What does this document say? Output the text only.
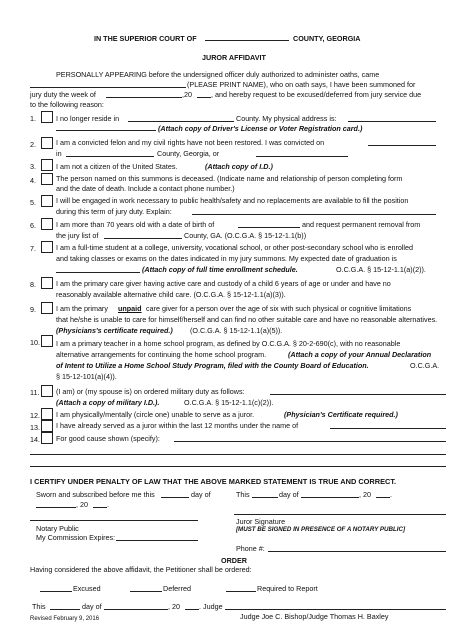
IN THE SUPERIOR COURT OF	COUNTY, GEORGIA
JUROR AFFIDAVIT
PERSONALLY APPEARING before the undersigned officer duly authorized to administer oaths, came
(PLEASE PRINT NAME), who on oath says, I have been summoned for
jury duty the week of	,20	, and hereby request to be excused/deferred from jury service due
to the following reason:
1.	I no longer reside in	County. My physical address is:
(Attach copy of Driver's License or Voter Registration card.)
2.	I am a convicted felon and my civil rights have not been restored. I was convicted on
in	County, Georgia, or
3.	I am not a citizen of the United States.	(Attach copy of I.D.)
4.	The person named on this summons is deceased. (Indicate name and relationship of person completing form
and the date of death. Include a contact phone number.)
5.	I will be engaged in work necessary to public health/safety and no replacements are available to fill the position
during this term of jury duty. Explain:
6.	I am more than 70 years old with a date of birth of	and request permanent removal from
the jury list of	County, GA. (O.C.G.A. § 15-12-1.1(b))
7.	I am a full-time student at a college, university, vocational school, or other post-secondary school who is enrolled
and taking classes or exams on the dates indicated in my jury summons. My expected date of graduation is
(Attach copy of full time enrollment schedule.	O.C.G.A. § 15-12-1.1(a)(2)).
8.	I am the primary care giver having active care and custody of a child 6 years of age or under and have no
reasonably available alternative child care. (O.C.G.A. § 15-12-1.1(a)(3)).
9.	I am the primary unpaid care giver for a person over the age of six with such physical or cognitive limitations
that he/she is unable to care for himself/herself and can find no other suitable care and have no reasonable alternatives.
(Physicians's certificate required.) (O.C.G.A. § 15-12-1.1(a)(5)).
10. I am a primary teacher in a home school program, as defined by O.C.G.A. § 20-2-690(c), with no reasonable
alternative arrangements for continuing the home school program.	(Attach a copy of your Annual Declaration
of Intent to Utilize a Home School Study Program, filed with the County Board of Education.	O.C.G.A.
§ 15-12-101(a)(4)).
11. (I am) or (my spouse is) on ordered military duty as follows:
(Attach a copy of military I.D.).	O.C.G.A. § 15-12-1.1(c)(2)).
12. I am physically/mentally (circle one) unable to serve as a juror.	(Physician's Certificate required.)
13. I have already served as a juror within the last 12 months under the name of
14. For good cause shown (specify):
I CERTIFY UNDER PENALTY OF LAW THAT THE ABOVE MARKED STATEMENT IS TRUE AND CORRECT.
Sworn and subscribed before me this	day of
, 20	.
This	day of	, 20	.
Notary Public
My Commission Expires:
Juror Signature
[MUST BE SIGNED IN PRESENCE OF A NOTARY PUBLIC]
Phone #:
ORDER
Having considered the above affidavit, the Petitioner shall be ordered:
Excused	Deferred	Required to Report
This	day of	, 20	. Judge
Judge Joe C. Bishop/Judge Thomas H. Baxley
Revised February 9, 2016
